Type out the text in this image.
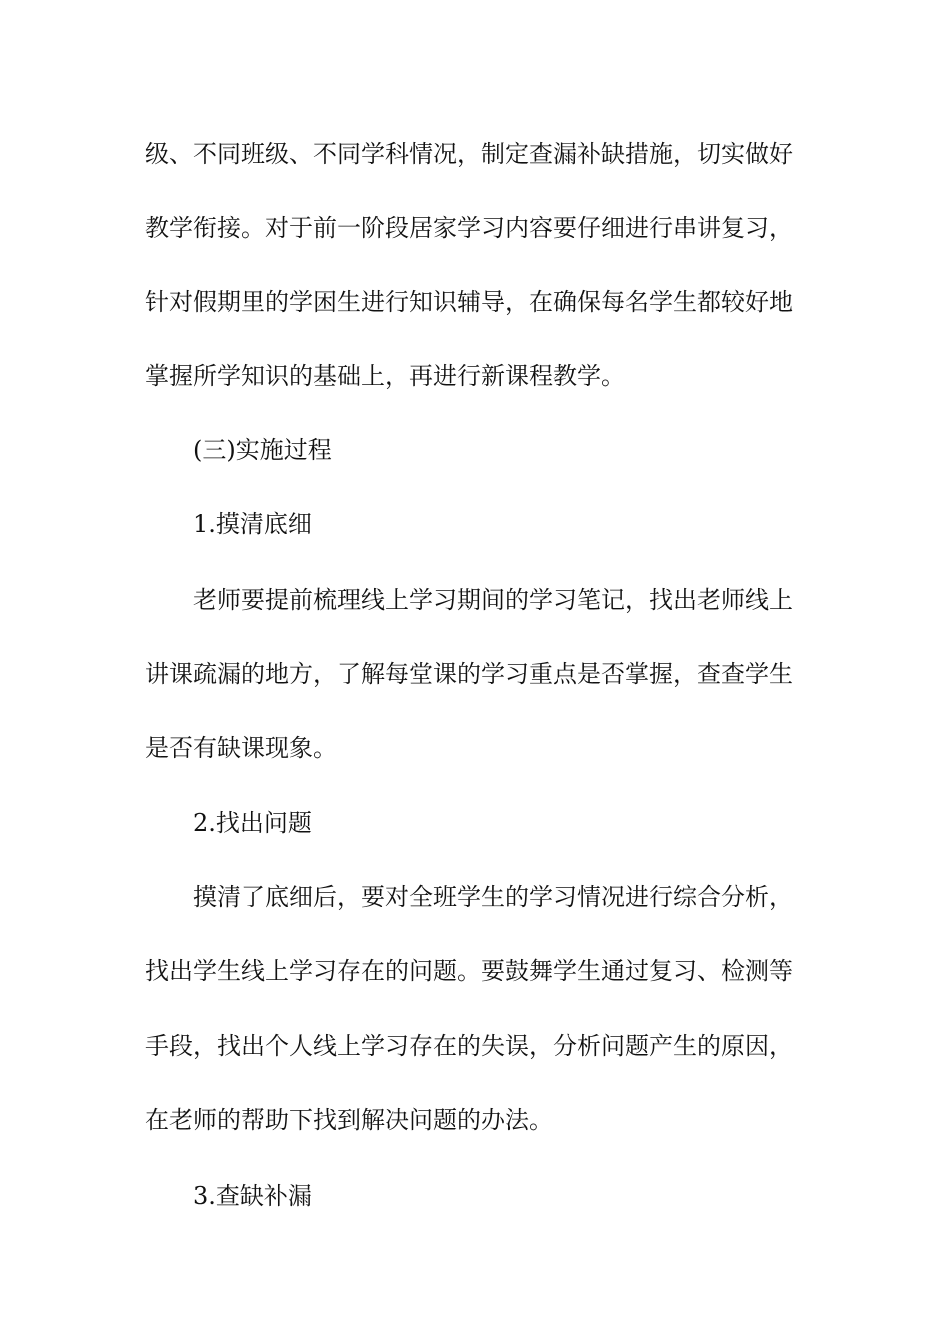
级、不同班级、不同学科情况，制定查漏补缺措施，切实做好
教学衔接。对于前一阶段居家学习内容要仔细进行串讲复习，
针对假期里的学困生进行知识辅导，在确保每名学生都较好地
掌握所学知识的基础上，再进行新课程教学。
(三)实施过程
1.摸清底细
老师要提前梳理线上学习期间的学习笔记，找出老师线上
讲课疏漏的地方，了解每堂课的学习重点是否掌握，查查学生
是否有缺课现象。
2.找出问题
摸清了底细后，要对全班学生的学习情况进行综合分析，
找出学生线上学习存在的问题。要鼓舞学生通过复习、检测等
手段，找出个人线上学习存在的失误，分析问题产生的原因，
在老师的帮助下找到解决问题的办法。
3.查缺补漏
